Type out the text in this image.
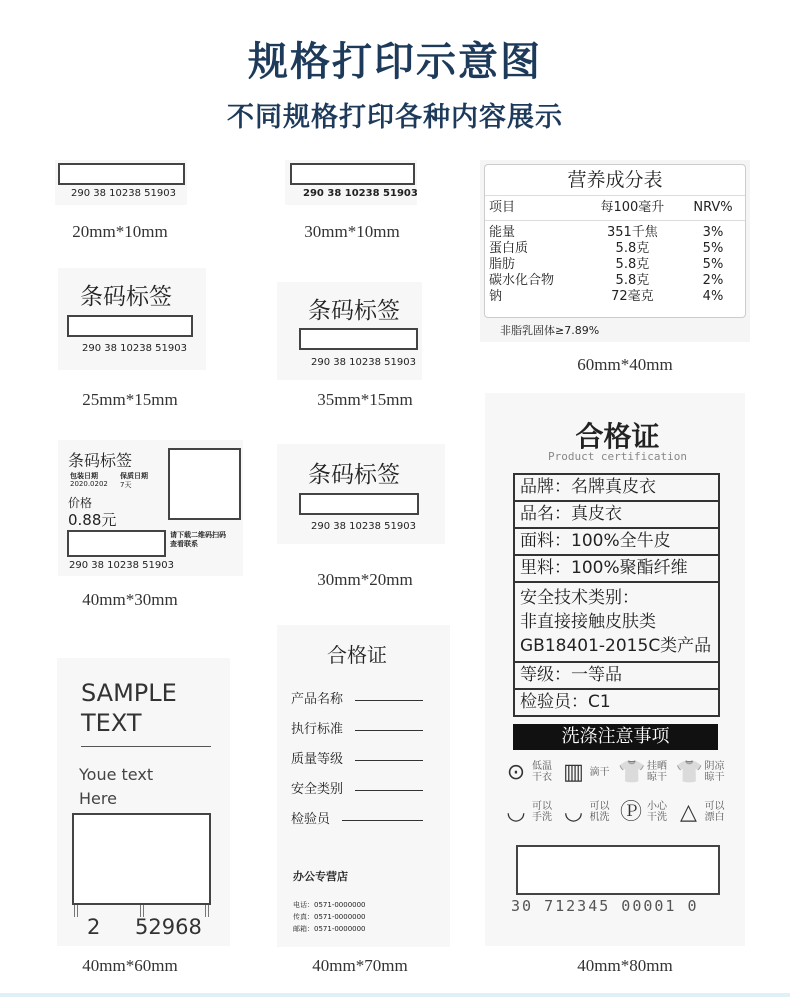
规格打印示意图
不同规格打印各种内容展示
290 38 10238 51903
20mm*10mm
290 38 10238 51903
30mm*10mm
营养成分表
项目	每100毫升	NRV%
能量	351千焦	3%
蛋白质	5.8克	5%
脂肪	5.8克	5%
碳水化合物	5.8克	2%
钠	72毫克	4%
非脂乳固体≥7.89%
60mm*40mm
条码标签
290 38 10238 51903
25mm*15mm
条码标签
290 38 10238 51903
35mm*15mm
条码标签
包装日期
2020.0202
保质日期
7天
价格
0.88元
请下载二维码扫码
查看联系
290 38 10238 51903
40mm*30mm
条码标签
290 38 10238 51903
30mm*20mm
SAMPLE
TEXT
Youe text
Here
2 52968
40mm*60mm
合格证
产品名称
执行标准
质量等级
安全类别
检验员
办公专营店
电话：0571-0000000
传真：0571-0000000
邮箱：0571-0000000
40mm*70mm
合格证
Product certification
品牌：名牌真皮衣
品名：真皮衣
面料：100%全牛皮
里料：100%聚酯纤维
安全技术类别：
非直接接触皮肤类
GB18401-2015C类产品
等级：一等品
检验员：C1
洗涤注意事项
⊙ 低温
干衣 ▥ 滴干 👕 挂晒
晾干 👕 阴凉
晾干
◡ 可以
手洗 ◡ 可以
机洗 Ⓟ 小心
干洗 △ 可以
漂白
30 712345 00001 0
40mm*80mm
